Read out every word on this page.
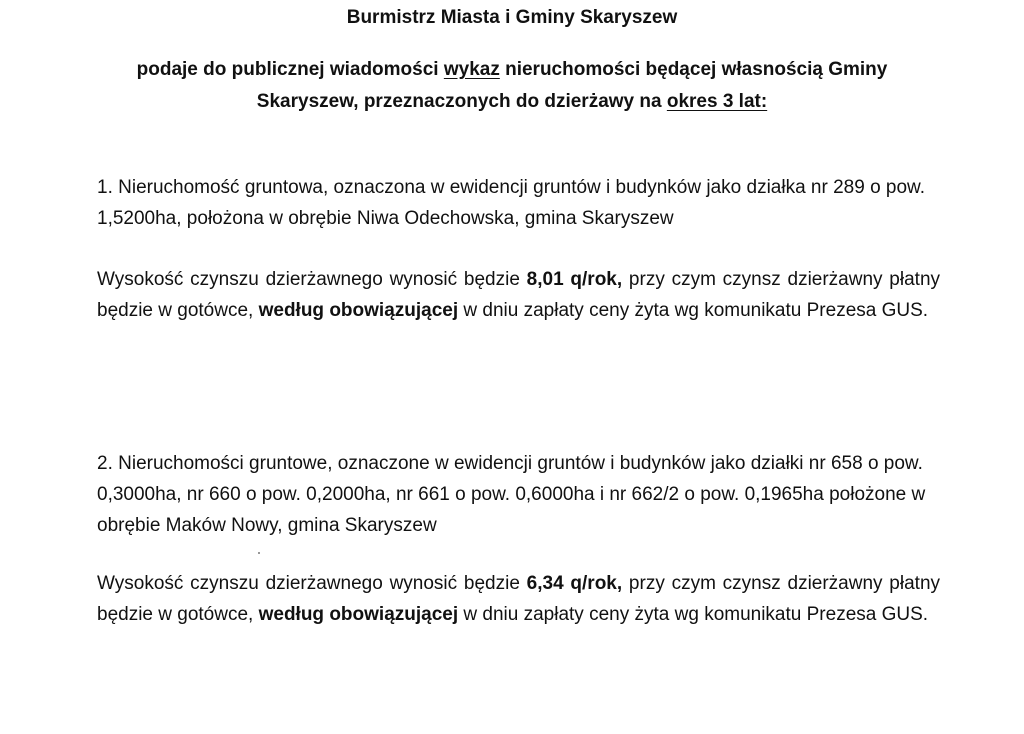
Burmistrz Miasta i Gminy Skaryszew
podaje do publicznej wiadomości wykaz nieruchomości będącej własnością Gminy
Skaryszew, przeznaczonych do dzierżawy na okres 3 lat:

1. Nieruchomość gruntowa, oznaczona w ewidencji gruntów i budynków jako działka nr 289 o pow. 1,5200ha, położona w obrębie Niwa Odechowska, gmina Skaryszew

Wysokość czynszu dzierżawnego wynosić będzie 8,01 q/rok, przy czym czynsz dzierżawny płatny będzie w gotówce, według obowiązującej w dniu zapłaty ceny żyta wg komunikatu Prezesa GUS.

2. Nieruchomości gruntowe, oznaczone w ewidencji gruntów i budynków jako działki nr 658 o pow. 0,3000ha, nr 660 o pow. 0,2000ha, nr 661 o pow. 0,6000ha i nr 662/2 o pow. 0,1965ha położone w obrębie Maków Nowy, gmina Skaryszew

Wysokość czynszu dzierżawnego wynosić będzie 6,34 q/rok, przy czym czynsz dzierżawny płatny będzie w gotówce, według obowiązującej w dniu zapłaty ceny żyta wg komunikatu Prezesa GUS.
